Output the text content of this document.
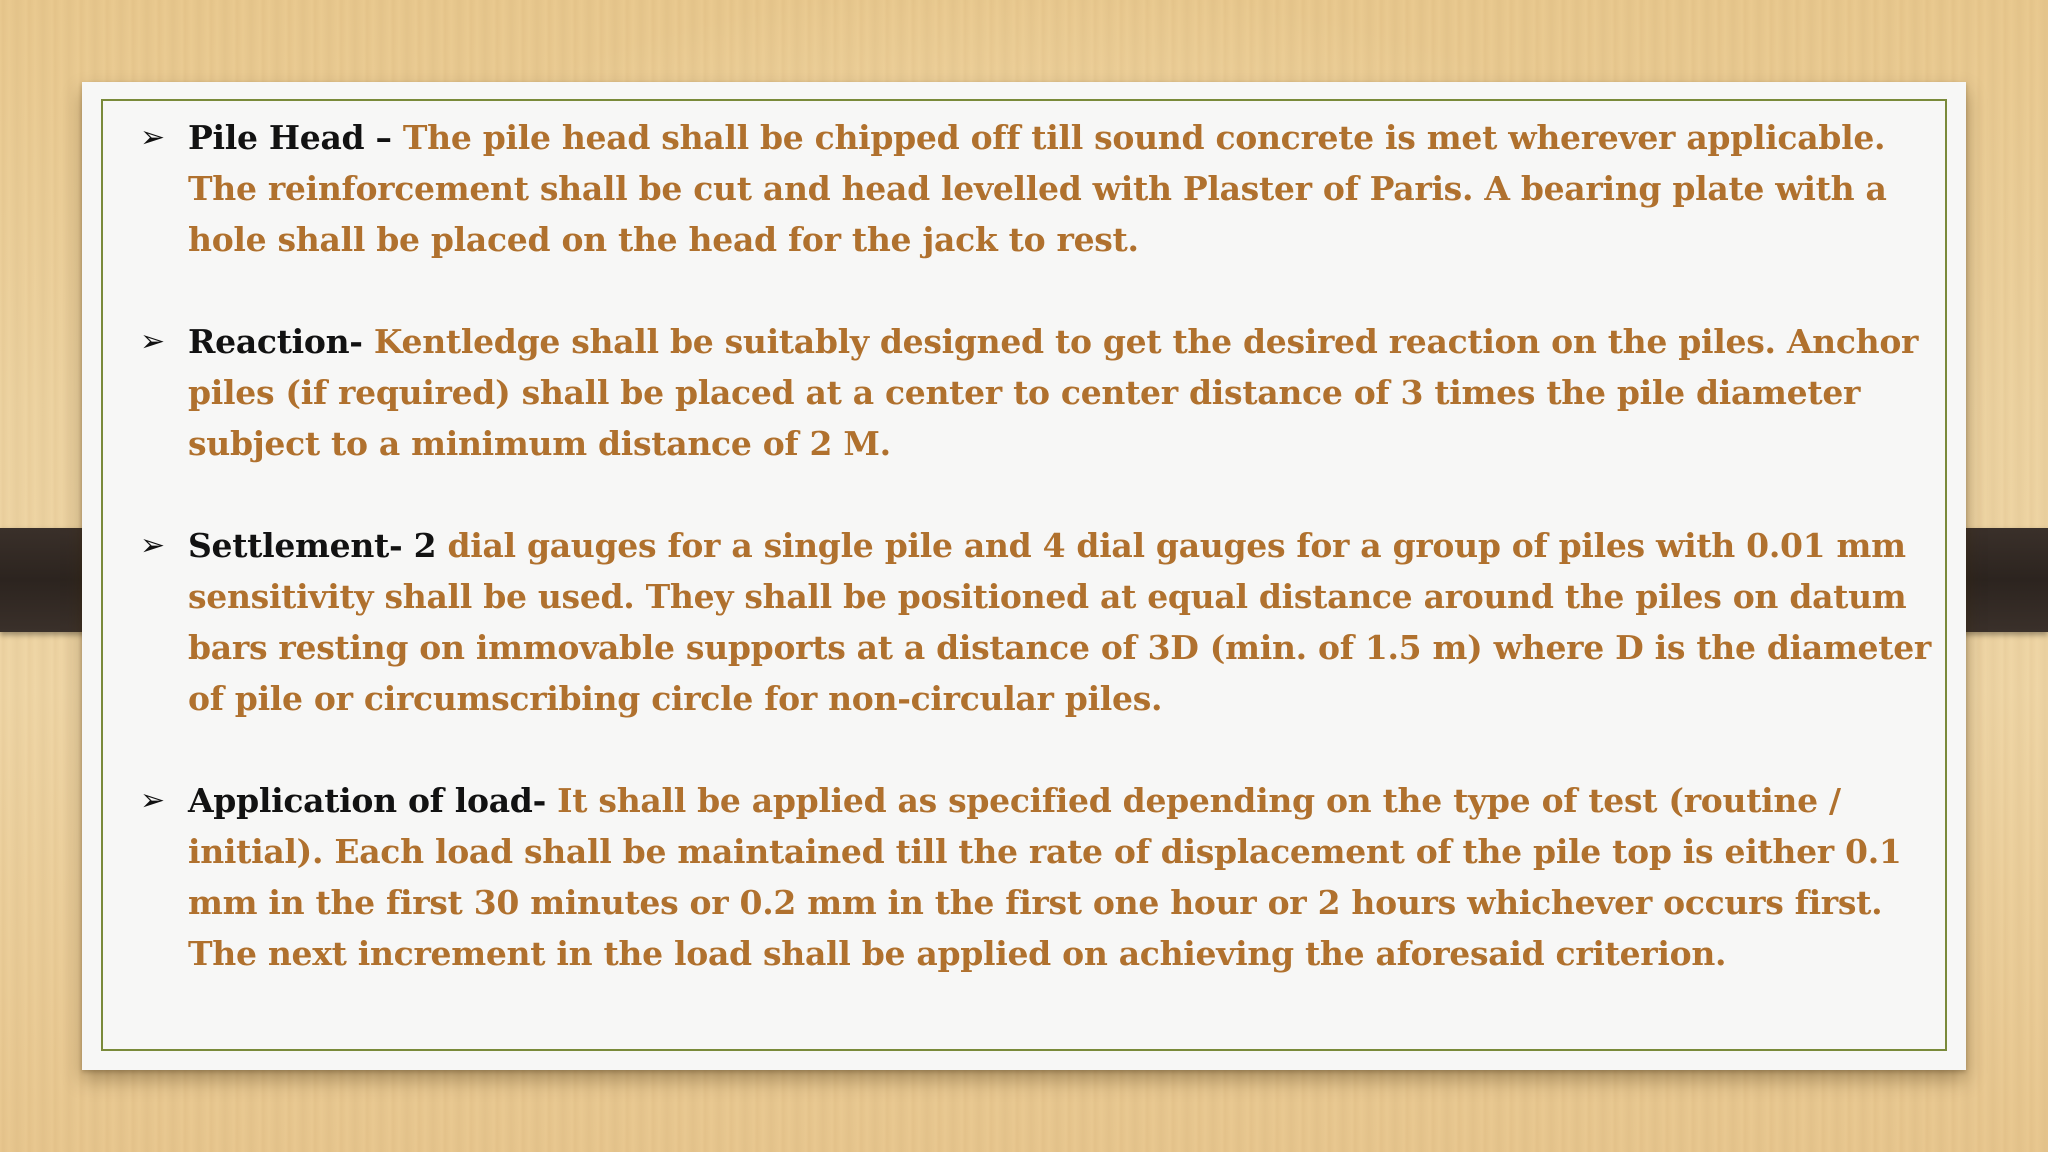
➢ Pile Head – The pile head shall be chipped off till sound concrete is met wherever applicable. The reinforcement shall be cut and head levelled with Plaster of Paris. A bearing plate with a hole shall be placed on the head for the jack to rest.
➢ Reaction- Kentledge shall be suitably designed to get the desired reaction on the piles. Anchor piles (if required) shall be placed at a center to center distance of 3 times the pile diameter subject to a minimum distance of 2 M.
➢ Settlement- 2 dial gauges for a single pile and 4 dial gauges for a group of piles with 0.01 mm sensitivity shall be used. They shall be positioned at equal distance around the piles on datum bars resting on immovable supports at a distance of 3D (min. of 1.5 m) where D is the diameter of pile or circumscribing circle for non-circular piles.
➢ Application of load- It shall be applied as specified depending on the type of test (routine / initial). Each load shall be maintained till the rate of displacement of the pile top is either 0.1 mm in the first 30 minutes or 0.2 mm in the first one hour or 2 hours whichever occurs first. The next increment in the load shall be applied on achieving the aforesaid criterion.
